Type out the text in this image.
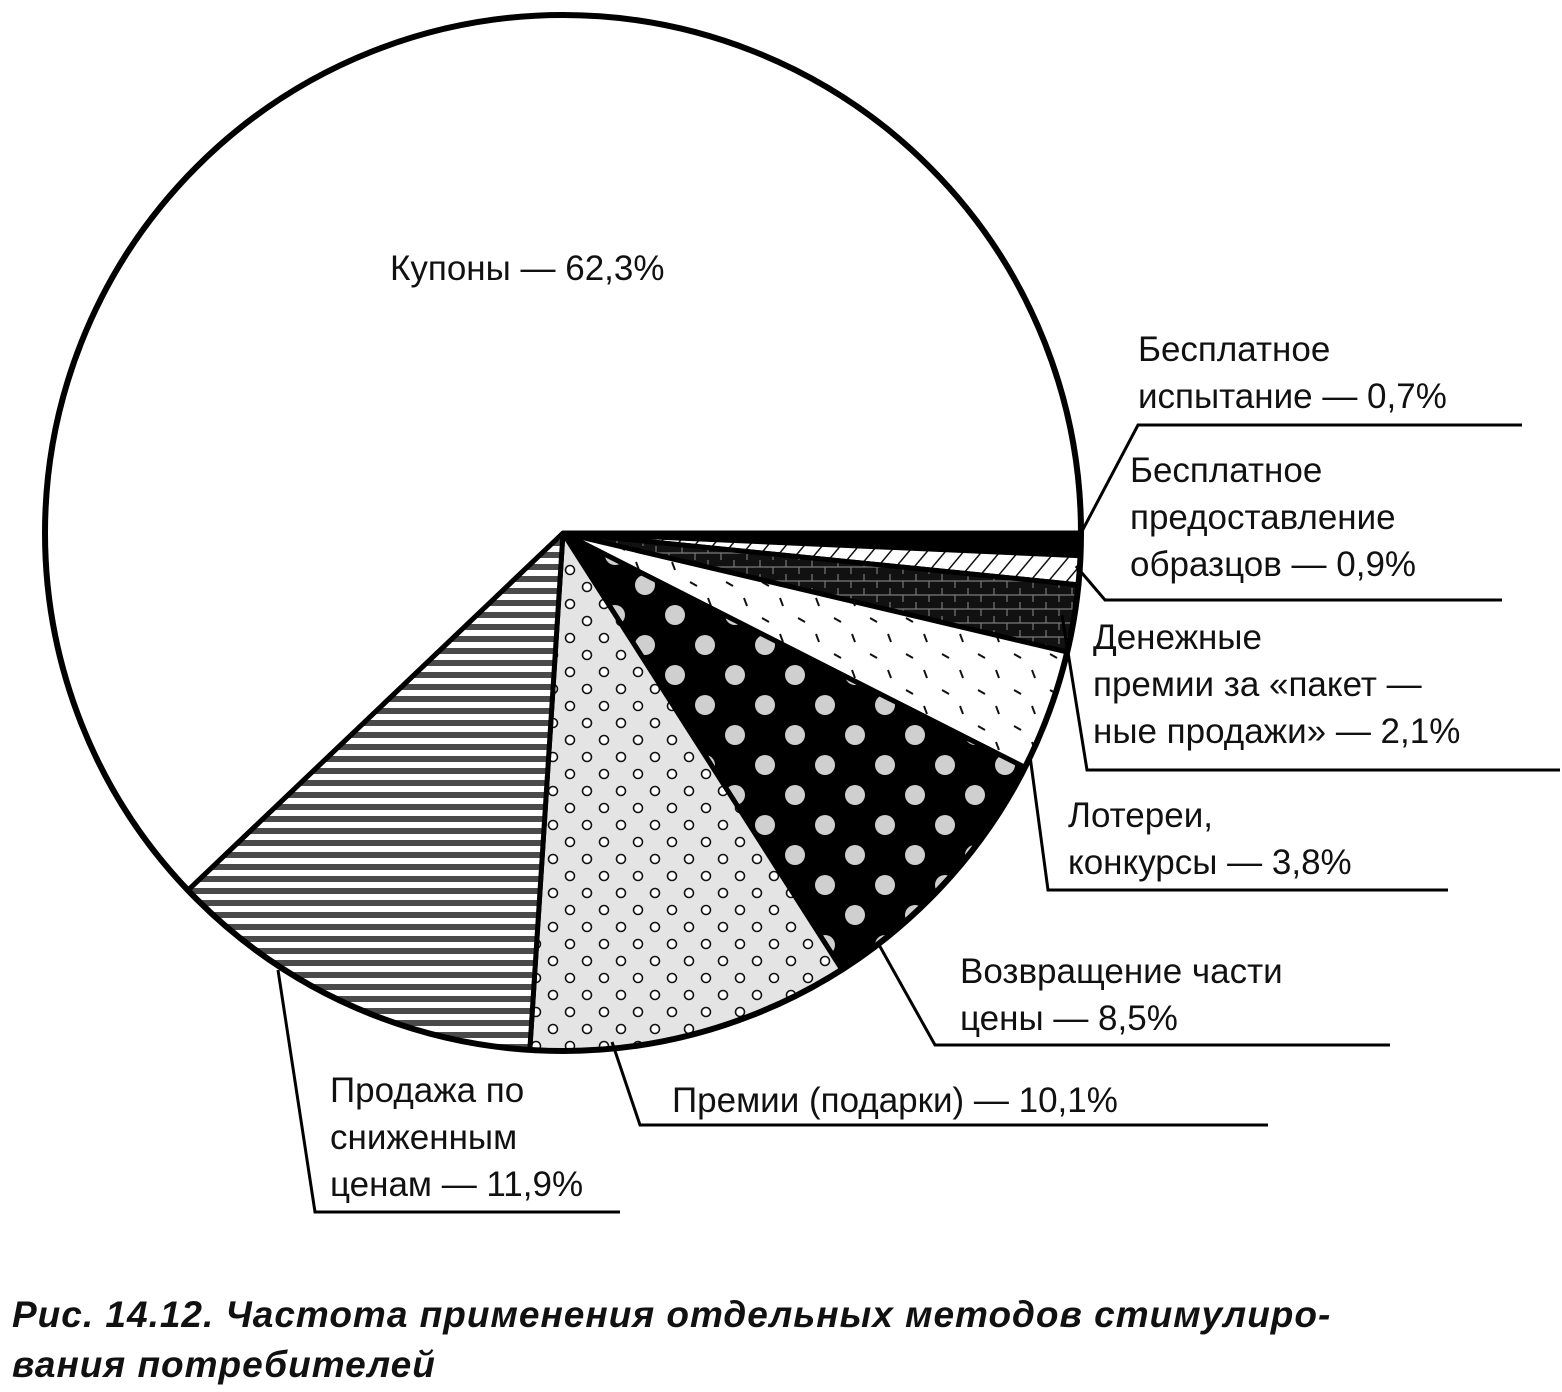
Купоны — 62,3%
Продажа по
сниженным
ценам — 11,9%
Премии (подарки) — 10,1%
Возвращение части
цены — 8,5%
Лотереи,
конкурсы — 3,8%
Денежные
премии за «пакет —
ные продажи» — 2,1%
Бесплатное
предоставление
образцов — 0,9%
Бесплатное
испытание — 0,7%
Рис. 14.12. Частота применения отдельных методов стимулиро-
вания потребителей
